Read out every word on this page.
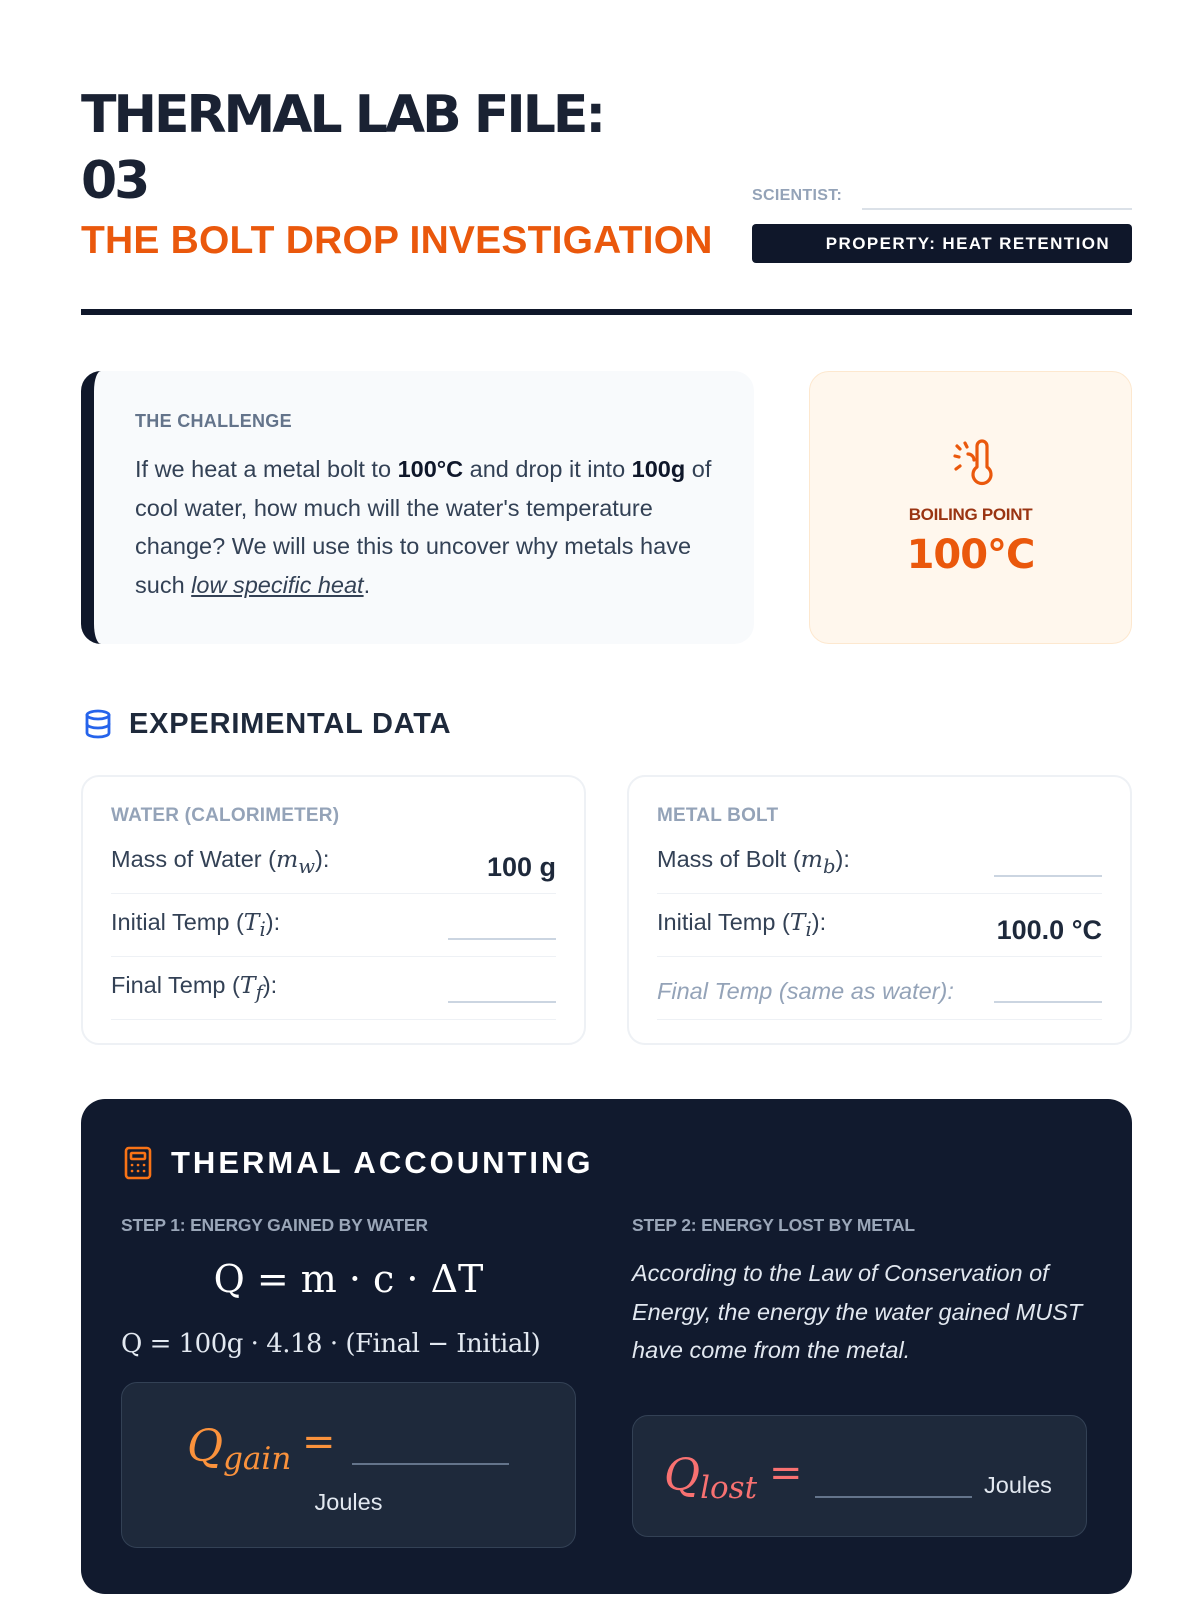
THERMAL LAB FILE:
03
THE BOLT DROP INVESTIGATION
SCIENTIST:
PROPERTY: HEAT RETENTION
THE CHALLENGE

If we heat a metal bolt to 100°C and drop it into 100g of cool water, how much will the water's temperature change? We will use this to uncover why metals have such low specific heat.

BOILING POINT
100°C
EXPERIMENTAL DATA
WATER (CALORIMETER)
Mass of Water $(m_w)$:	100 g
Initial Temp $(T_i)$:
Final Temp $(T_f)$:
METAL BOLT
Mass of Bolt $(m_b)$:
Initial Temp $(T_i)$:	100.0 °C
Final Temp (same as water):
THERMAL ACCOUNTING
STEP 1: ENERGY GAINED BY WATER
Q = m · c · ΔT
Q = 100g · 4.18 · (Final − Initial)
$Q_{gain}$ =
Joules
STEP 2: ENERGY LOST BY METAL

According to the Law of Conservation of Energy, the energy the water gained MUST have come from the metal.

$Q_{lost}$ =	Joules
